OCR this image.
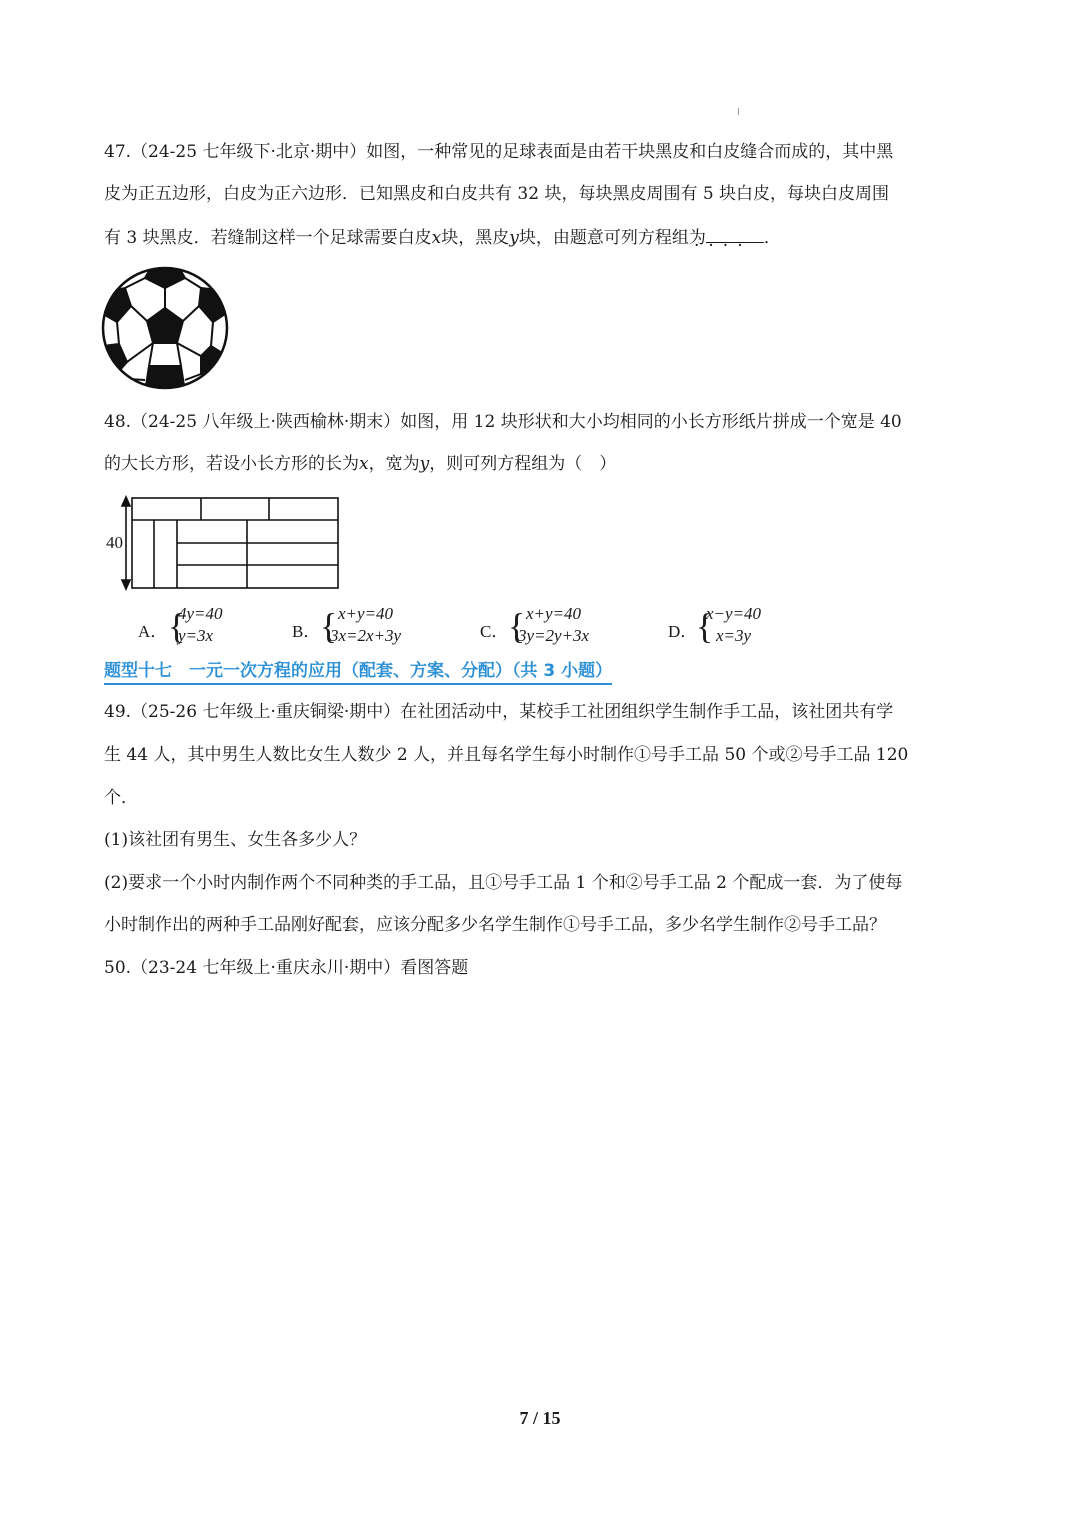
47.（24-25 七年级下·北京·期中）如图，一种常见的足球表面是由若干块黑皮和白皮缝合而成的，其中黑
皮为正五边形，白皮为正六边形．已知黑皮和白皮共有 32 块，每块黑皮周围有 5 块白皮，每块白皮周围
有 3 块黑皮．若缝制这样一个足球需要白皮x块，黑皮y块，由题意可列方程组为	．
····
48.（24-25 八年级上·陕西榆林·期末）如图，用 12 块形状和大小均相同的小长方形纸片拼成一个宽是 40
的大长方形，若设小长方形的长为x，宽为y，则可列方程组为（　）
40
A． {
4y=40
y=3x	B． { x+y=40
3x=2x+3y	C． { x+y=40
3y=2y+3x	D．
{
x−y=40
x=3y
题型十七　一元一次方程的应用（配套、方案、分配）（共 3 小题）
49.（25-26 七年级上·重庆铜梁·期中）在社团活动中，某校手工社团组织学生制作手工品，该社团共有学
生 44 人，其中男生人数比女生人数少 2 人，并且每名学生每小时制作①号手工品 50 个或②号手工品 120
个．
(1)该社团有男生、女生各多少人？
(2)要求一个小时内制作两个不同种类的手工品，且①号手工品 1 个和②号手工品 2 个配成一套．为了使每
小时制作出的两种手工品刚好配套，应该分配多少名学生制作①号手工品，多少名学生制作②号手工品？
50.（23-24 七年级上·重庆永川·期中）看图答题
7 / 15
